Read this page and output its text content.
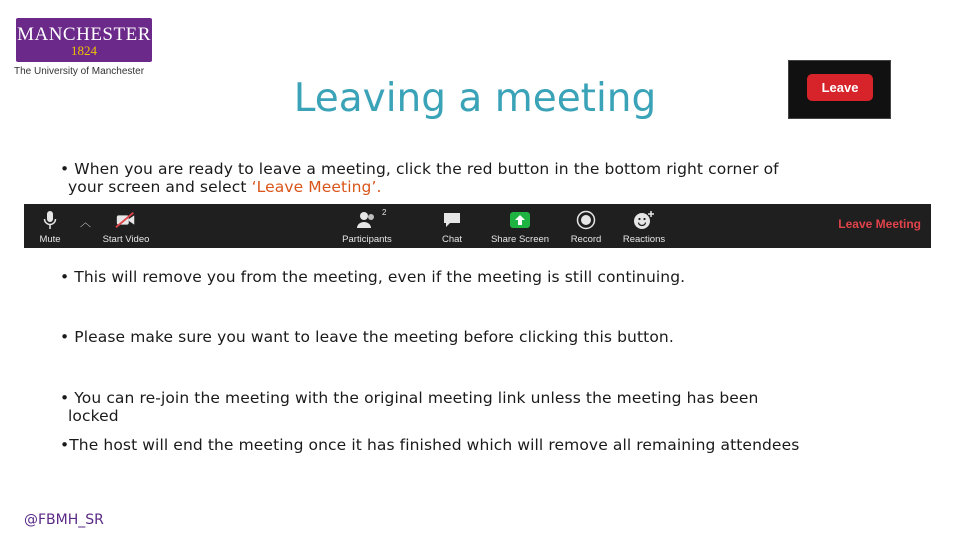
MANCHESTER
1824
The University of Manchester
Leaving a meeting	Leave
• When you are ready to leave a meeting, click the red button in the bottom right corner of
your screen and select ‘Leave Meeting’.
Mute
︿
Start Video	Participants
2
Chat	Share Screen Record Reactions
Leave Meeting
• This will remove you from the meeting, even if the meeting is still continuing.
• Please make sure you want to leave the meeting before clicking this button.
• You can re-join the meeting with the original meeting link unless the meeting has been
locked
•The host will end the meeting once it has finished which will remove all remaining attendees
@FBMH_SR
